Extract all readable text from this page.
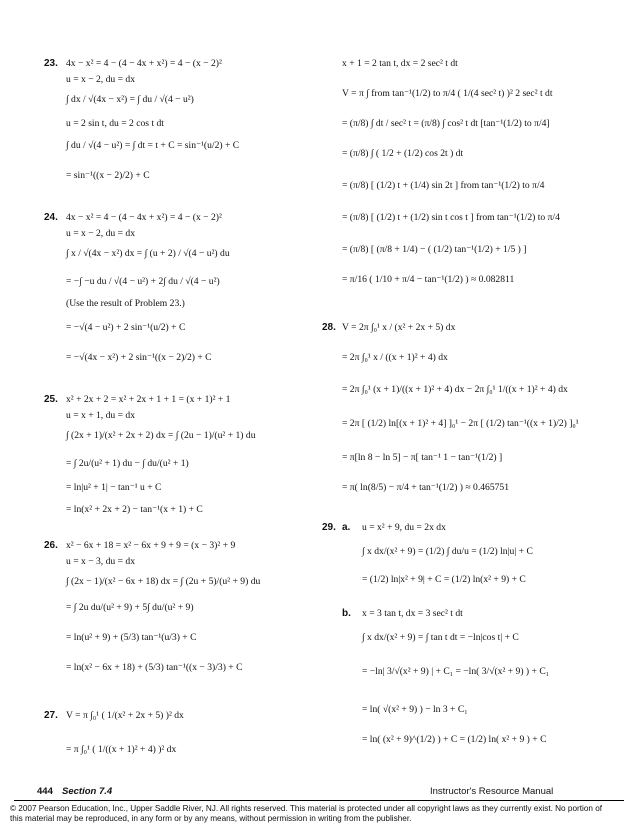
23. 4x − x² = 4 − (4 − 4x + x²) = 4 − (x − 2)²
u = x − 2, du = dx
∫ dx / √(4x − x²) = ∫ du / √(4 − u²)
u = 2 sin t, du = 2 cos t dt
∫ du / √(4 − u²) = ∫ dt = t + C = sin⁻¹(u/2) + C
= sin⁻¹((x − 2)/2) + C
24. 4x − x² = 4 − (4 − 4x + x²) = 4 − (x − 2)²
u = x − 2, du = dx
∫ x / √(4x − x²) dx = ∫ (u + 2) / √(4 − u²) du
= −∫ −u du / √(4 − u²) + 2∫ du / √(4 − u²)
(Use the result of Problem 23.)
= −√(4 − u²) + 2 sin⁻¹(u/2) + C
= −√(4x − x²) + 2 sin⁻¹((x − 2)/2) + C
25. x² + 2x + 2 = x² + 2x + 1 + 1 = (x + 1)² + 1
u = x + 1, du = dx
∫ (2x + 1)/(x² + 2x + 2) dx = ∫ (2u − 1)/(u² + 1) du
= ∫ 2u/(u² + 1) du − ∫ du/(u² + 1)
= ln|u² + 1| − tan⁻¹ u + C
= ln(x² + 2x + 2) − tan⁻¹(x + 1) + C
26. x² − 6x + 18 = x² − 6x + 9 + 9 = (x − 3)² + 9
u = x − 3, du = dx
∫ (2x − 1)/(x² − 6x + 18) dx = ∫ (2u + 5)/(u² + 9) du
= ∫ 2u du/(u² + 9) + 5∫ du/(u² + 9)
= ln(u² + 9) + (5/3) tan⁻¹(u/3) + C
= ln(x² − 6x + 18) + (5/3) tan⁻¹((x − 3)/3) + C
27. V = π ∫₀¹ ( 1/(x² + 2x + 5) )² dx
= π ∫₀¹ ( 1/((x + 1)² + 4) )² dx
x + 1 = 2 tan t, dx = 2 sec² t dt
V = π ∫ from tan⁻¹(1/2) to π/4 ( 1/(4 sec² t) )² 2 sec² t dt
= (π/8) ∫ dt / sec² t = (π/8) ∫ cos² t dt [tan⁻¹(1/2) to π/4]
= (π/8) ∫ ( 1/2 + (1/2) cos 2t ) dt
= (π/8) [ (1/2) t + (1/4) sin 2t ] from tan⁻¹(1/2) to π/4
= (π/8) [ (1/2) t + (1/2) sin t cos t ] from tan⁻¹(1/2) to π/4
= (π/8) [ (π/8 + 1/4) − ( (1/2) tan⁻¹(1/2) + 1/5 ) ]
= π/16 ( 1/10 + π/4 − tan⁻¹(1/2) ) ≈ 0.082811
28. V = 2π ∫₀¹ x / (x² + 2x + 5) dx
= 2π ∫₀¹ x / ((x + 1)² + 4) dx
= 2π ∫₀¹ (x + 1)/((x + 1)² + 4) dx − 2π ∫₀¹ 1/((x + 1)² + 4) dx
= 2π [ (1/2) ln[(x + 1)² + 4] ]₀¹ − 2π [ (1/2) tan⁻¹((x + 1)/2) ]₀¹
= π[ln 8 − ln 5] − π[ tan⁻¹ 1 − tan⁻¹(1/2) ]
= π( ln(8/5) − π/4 + tan⁻¹(1/2) ) ≈ 0.465751
29. a. u = x² + 9, du = 2x dx
∫ x dx/(x² + 9) = (1/2) ∫ du/u = (1/2) ln|u| + C
= (1/2) ln|x² + 9| + C = (1/2) ln(x² + 9) + C
b. x = 3 tan t, dx = 3 sec² t dt
∫ x dx/(x² + 9) = ∫ tan t dt = −ln|cos t| + C
= −ln| 3/√(x² + 9) | + C₁ = −ln( 3/√(x² + 9) ) + C₁
= ln( √(x² + 9) ) − ln 3 + C₁
= ln( (x² + 9)^(1/2) ) + C = (1/2) ln( x² + 9 ) + C
444 Section 7.4	Instructor's Resource Manual
© 2007 Pearson Education, Inc., Upper Saddle River, NJ. All rights reserved. This material is protected under all copyright laws as they currently exist. No portion of
this material may be reproduced, in any form or by any means, without permission in writing from the publisher.
